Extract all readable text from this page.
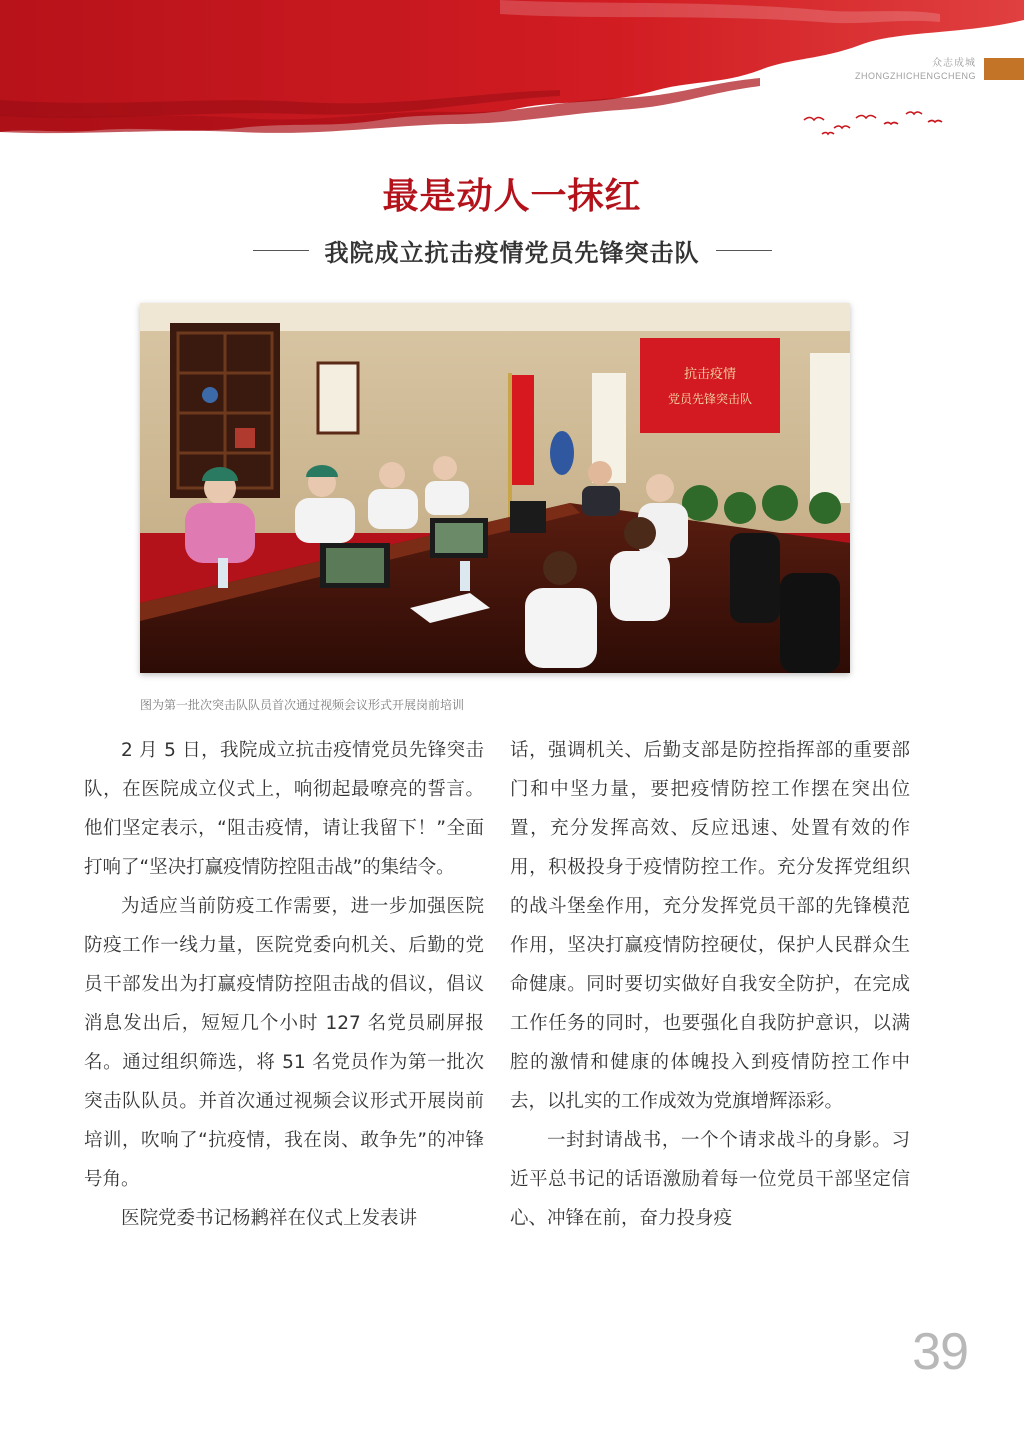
众志成城
ZHONGZHICHENGCHENG
最是动人一抹红
我院成立抗击疫情党员先锋突击队
抗击疫情
党员先锋突击队
图为第一批次突击队队员首次通过视频会议形式开展岗前培训

2 月 5 日，我院成立抗击疫情党员先锋突击队，在医院成立仪式上，响彻起最嘹亮的誓言。他们坚定表示，“阻击疫情，请让我留下！”全面打响了“坚决打赢疫情防控阻击战”的集结令。

为适应当前防疫工作需要，进一步加强医院防疫工作一线力量，医院党委向机关、后勤的党员干部发出为打赢疫情防控阻击战的倡议，倡议消息发出后，短短几个小时 127 名党员刷屏报名。通过组织筛选，将 51 名党员作为第一批次突击队队员。并首次通过视频会议形式开展岗前培训，吹响了“抗疫情，我在岗、敢争先”的冲锋号角。

医院党委书记杨鹣祥在仪式上发表讲

话，强调机关、后勤支部是防控指挥部的重要部门和中坚力量，要把疫情防控工作摆在突出位置，充分发挥高效、反应迅速、处置有效的作用，积极投身于疫情防控工作。充分发挥党组织的战斗堡垒作用，充分发挥党员干部的先锋模范作用，坚决打赢疫情防控硬仗，保护人民群众生命健康。同时要切实做好自我安全防护，在完成工作任务的同时，也要强化自我防护意识，以满腔的激情和健康的体魄投入到疫情防控工作中去，以扎实的工作成效为党旗增辉添彩。

一封封请战书，一个个请求战斗的身影。习近平总书记的话语激励着每一位党员干部坚定信心、冲锋在前，奋力投身疫

39
